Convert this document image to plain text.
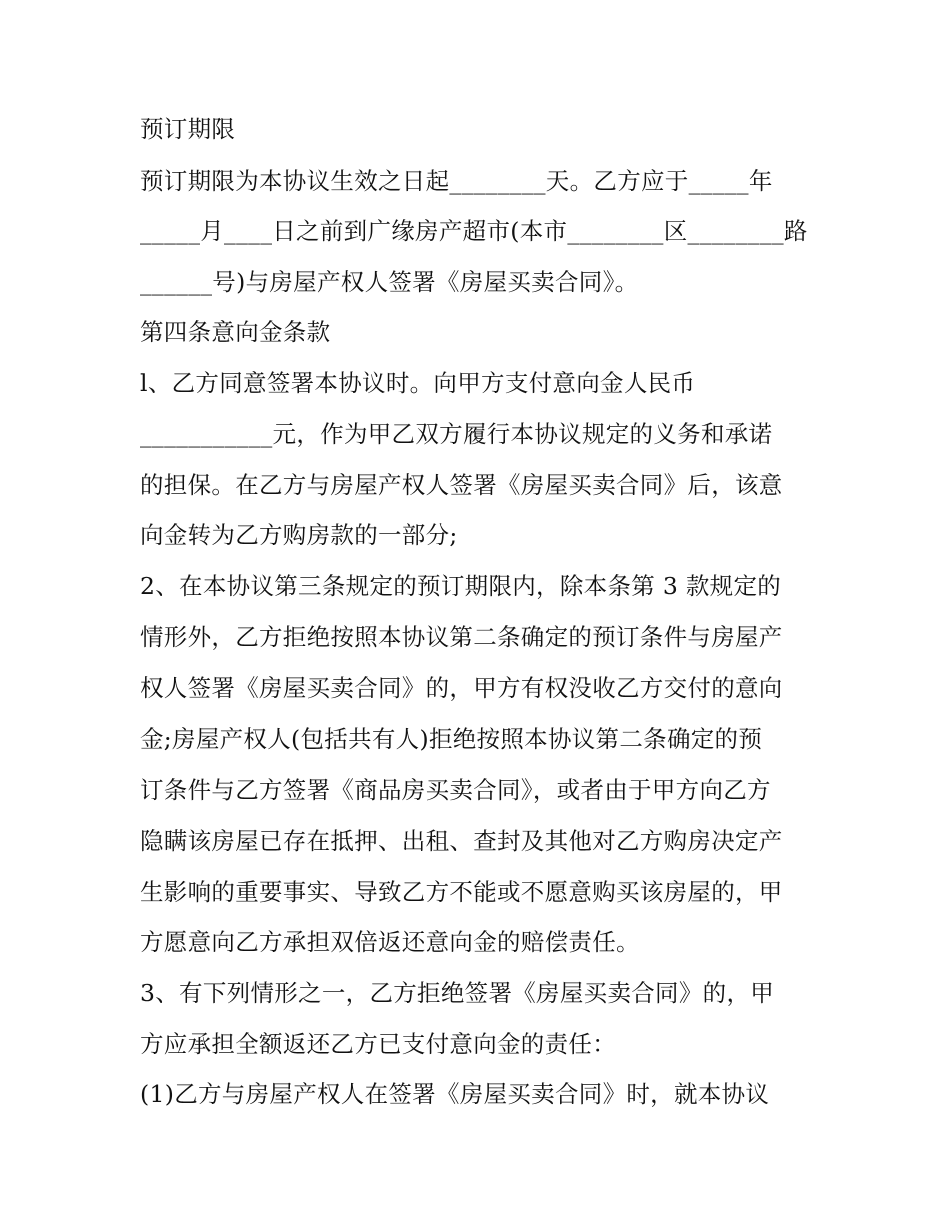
预订期限
预订期限为本协议生效之日起________天。乙方应于_____年
_____月____日之前到广缘房产超市(本市________区________路
______号)与房屋产权人签署《房屋买卖合同》。
第四条意向金条款
l、乙方同意签署本协议时。向甲方支付意向金人民币
___________元，作为甲乙双方履行本协议规定的义务和承诺
的担保。在乙方与房屋产权人签署《房屋买卖合同》后，该意
向金转为乙方购房款的一部分;
2、在本协议第三条规定的预订期限内，除本条第 3 款规定的
情形外，乙方拒绝按照本协议第二条确定的预订条件与房屋产
权人签署《房屋买卖合同》的，甲方有权没收乙方交付的意向
金;房屋产权人(包括共有人)拒绝按照本协议第二条确定的预
订条件与乙方签署《商品房买卖合同》，或者由于甲方向乙方
隐瞒该房屋已存在抵押、出租、查封及其他对乙方购房决定产
生影响的重要事实、导致乙方不能或不愿意购买该房屋的，甲
方愿意向乙方承担双倍返还意向金的赔偿责任。
3、有下列情形之一，乙方拒绝签署《房屋买卖合同》的，甲
方应承担全额返还乙方已支付意向金的责任：
(1)乙方与房屋产权人在签署《房屋买卖合同》时，就本协议
